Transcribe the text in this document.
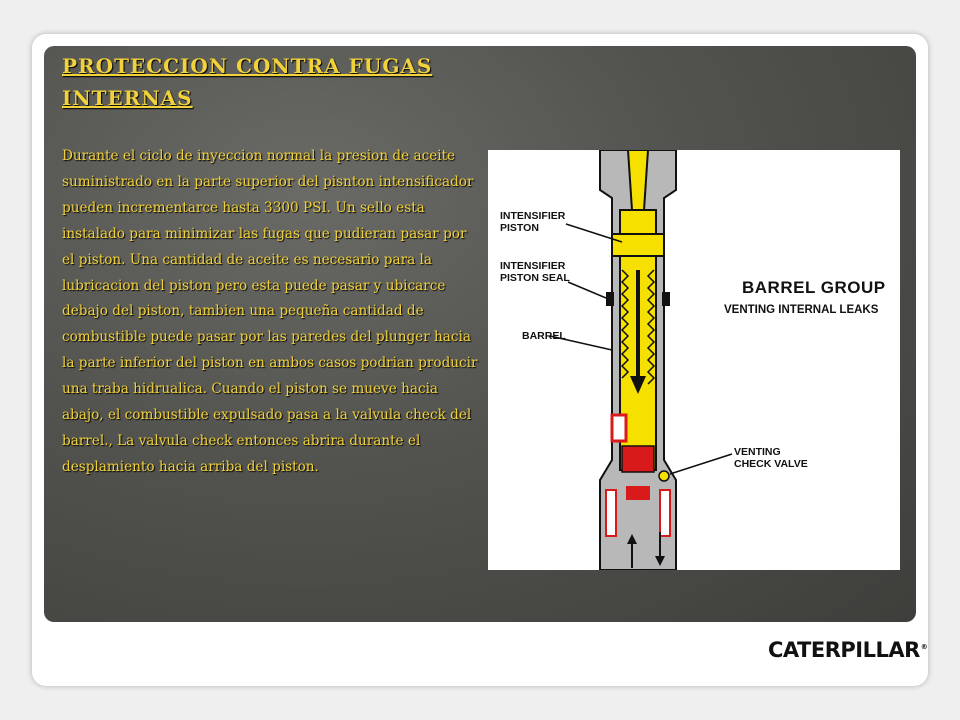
PROTECCION CONTRA FUGAS INTERNAS

Durante el ciclo de inyeccion normal la presion de aceite suministrado en la parte superior del pisnton intensificador pueden incrementarce hasta 3300 PSI. Un sello esta instalado para minimizar las fugas que pudieran pasar por el piston. Una cantidad de aceite es necesario para la lubricacion del piston pero esta puede pasar y ubicarce debajo del piston, tambien una pequeña cantidad de combustible puede pasar por las paredes del plunger hacia la parte inferior del piston en ambos casos podrian producir una traba hidrualica. Cuando el piston se mueve hacia abajo, el combustible expulsado pasa a la valvula check del barrel., La valvula check entonces abrira durante el desplamiento hacia arriba del piston.

INTENSIFIER
PISTON
INTENSIFIER
PISTON SEAL
BARREL
VENTING
CHECK VALVE
BARREL GROUP
VENTING INTERNAL LEAKS
CATERPILLAR®
